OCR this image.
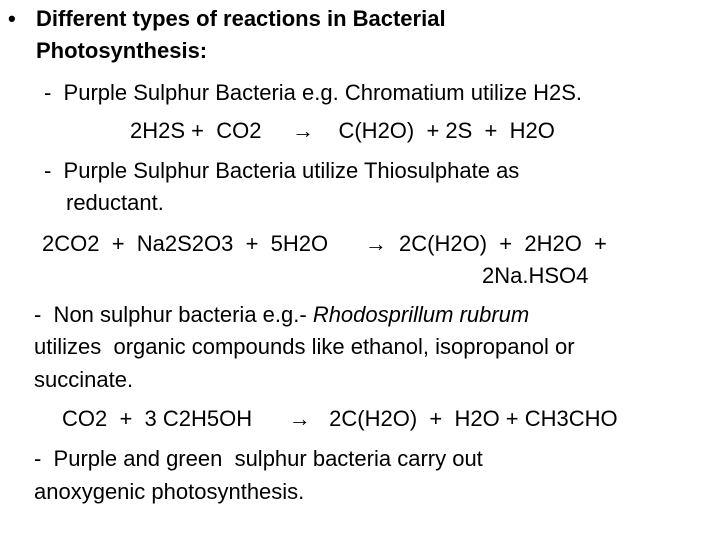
• Different types of reactions in Bacterial
Photosynthesis:
-  Purple Sulphur Bacteria e.g. Chromatium utilize H2S.
2H2S +  CO2     →    C(H2O)  + 2S  +  H2O
-  Purple Sulphur Bacteria utilize Thiosulphate as
reductant.
2CO2  +  Na2S2O3  +  5H2O      →  2C(H2O)  +  2H2O  +
2Na.HSO4
-  Non sulphur bacteria e.g.- Rhodosprillum rubrum
utilizes  organic compounds like ethanol, isopropanol or
succinate.
CO2  +  3 C2H5OH      →   2C(H2O)  +  H2O + CH3CHO
-  Purple and green  sulphur bacteria carry out
anoxygenic photosynthesis.
